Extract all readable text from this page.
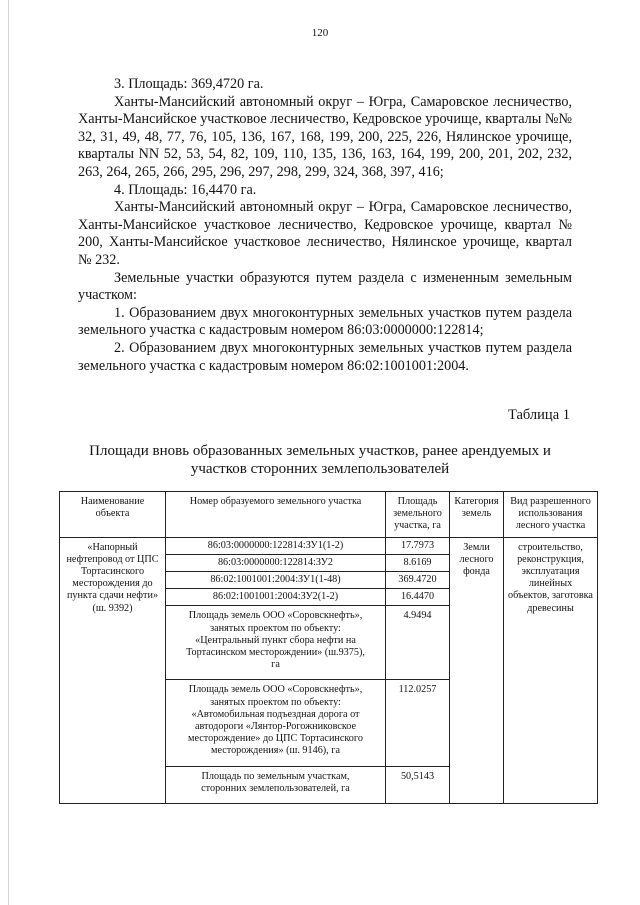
120

3. Площадь: 369,4720 га.

Ханты-Мансийский автономный округ – Югра, Самаровское лесничество, Ханты-Мансийское участковое лесничество, Кедровское урочище, кварталы №№ 32, 31, 49, 48, 77, 76, 105, 136, 167, 168, 199, 200, 225, 226, Нялинское урочище, кварталы NN 52, 53, 54, 82, 109, 110, 135, 136, 163, 164, 199, 200, 201, 202, 232, 263, 264, 265, 266, 295, 296, 297, 298, 299, 324, 368, 397, 416;

4. Площадь: 16,4470 га.

Ханты-Мансийский автономный округ – Югра, Самаровское лесничество, Ханты-Мансийское участковое лесничество, Кедровское урочище, квартал № 200, Ханты-Мансийское участковое лесничество, Нялинское урочище, квартал № 232.

Земельные участки образуются путем раздела с измененным земельным участком:

1. Образованием двух многоконтурных земельных участков путем раздела земельного участка с кадастровым номером 86:03:0000000:122814;

2. Образованием двух многоконтурных земельных участков путем раздела земельного участка с кадастровым номером 86:02:1001001:2004.

Таблица 1
Площади вновь образованных земельных участков, ранее арендуемых и участков сторонних землепользователей
Наименование объекта	Номер образуемого земельного участка	Площадь земельного участка, га	Категория земель	Вид разрешенного использования лесного участка
«Напорный нефтепровод от ЦПС Тортасинского месторождения до пункта сдачи нефти» (ш. 9392)	86:03:0000000:122814:ЗУ1(1-2)	17.7973	Земли лесного фонда	строительство, реконструкция, эксплуатация линейных объектов, заготовка древесины
	86:03:0000000:122814:ЗУ2	8.6169		
	86:02:1001001:2004:ЗУ1(1-48)	369.4720		
	86:02:1001001:2004:ЗУ2(1-2)	16.4470		
	Площадь земель ООО «Соровскнефть», занятых проектом по объекту: «Центральный пункт сбора нефти на Тортасинском месторождении» (ш.9375), га	4.9494		
	Площадь земель ООО «Соровскнефть», занятых проектом по объекту: «Автомобильная подъездная дорога от автодороги «Лянтор-Рогожниковское месторождение» до ЦПС Тортасинского месторождения» (ш. 9146), га	112.0257		
	Площадь по земельным участкам, сторонних землепользователей, га	50,5143		
